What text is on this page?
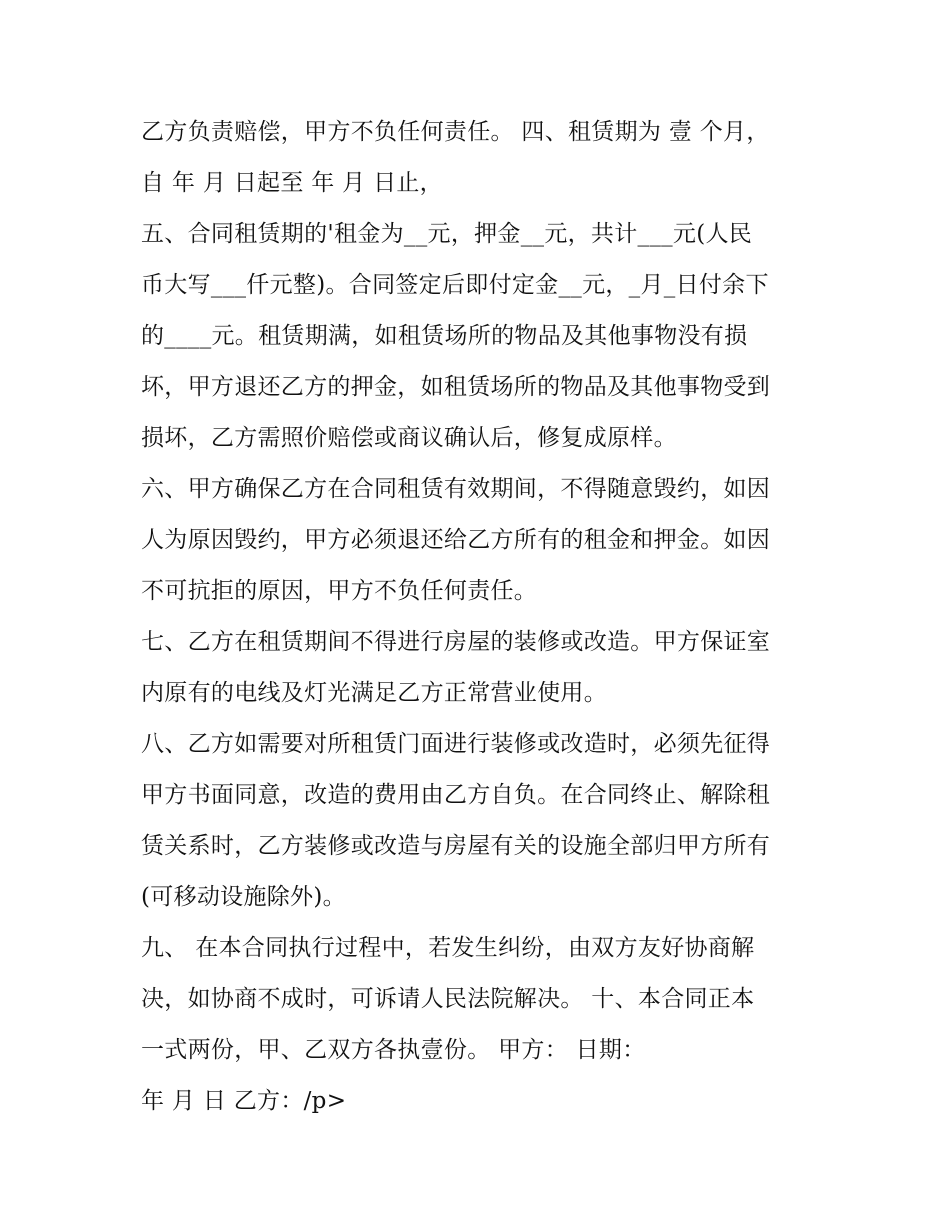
乙方负责赔偿，甲方不负任何责任。 四、租赁期为 壹 个月，
自 年 月 日起至 年 月 日止，
五、合同租赁期的'租金为__元，押金__元，共计___元(人民
币大写___仟元整)。合同签定后即付定金__元，_月_日付余下
的____元。租赁期满，如租赁场所的物品及其他事物没有损
坏，甲方退还乙方的押金，如租赁场所的物品及其他事物受到
损坏，乙方需照价赔偿或商议确认后，修复成原样。
六、甲方确保乙方在合同租赁有效期间，不得随意毁约，如因
人为原因毁约，甲方必须退还给乙方所有的租金和押金。如因
不可抗拒的原因，甲方不负任何责任。
七、乙方在租赁期间不得进行房屋的装修或改造。甲方保证室
内原有的电线及灯光满足乙方正常营业使用。
八、乙方如需要对所租赁门面进行装修或改造时，必须先征得
甲方书面同意，改造的费用由乙方自负。在合同终止、解除租
赁关系时，乙方装修或改造与房屋有关的设施全部归甲方所有
(可移动设施除外)。
九、 在本合同执行过程中，若发生纠纷，由双方友好协商解
决，如协商不成时，可诉请人民法院解决。 十、本合同正本
一式两份，甲、乙双方各执壹份。 甲方： 日期：
年 月 日 乙方：/p>
